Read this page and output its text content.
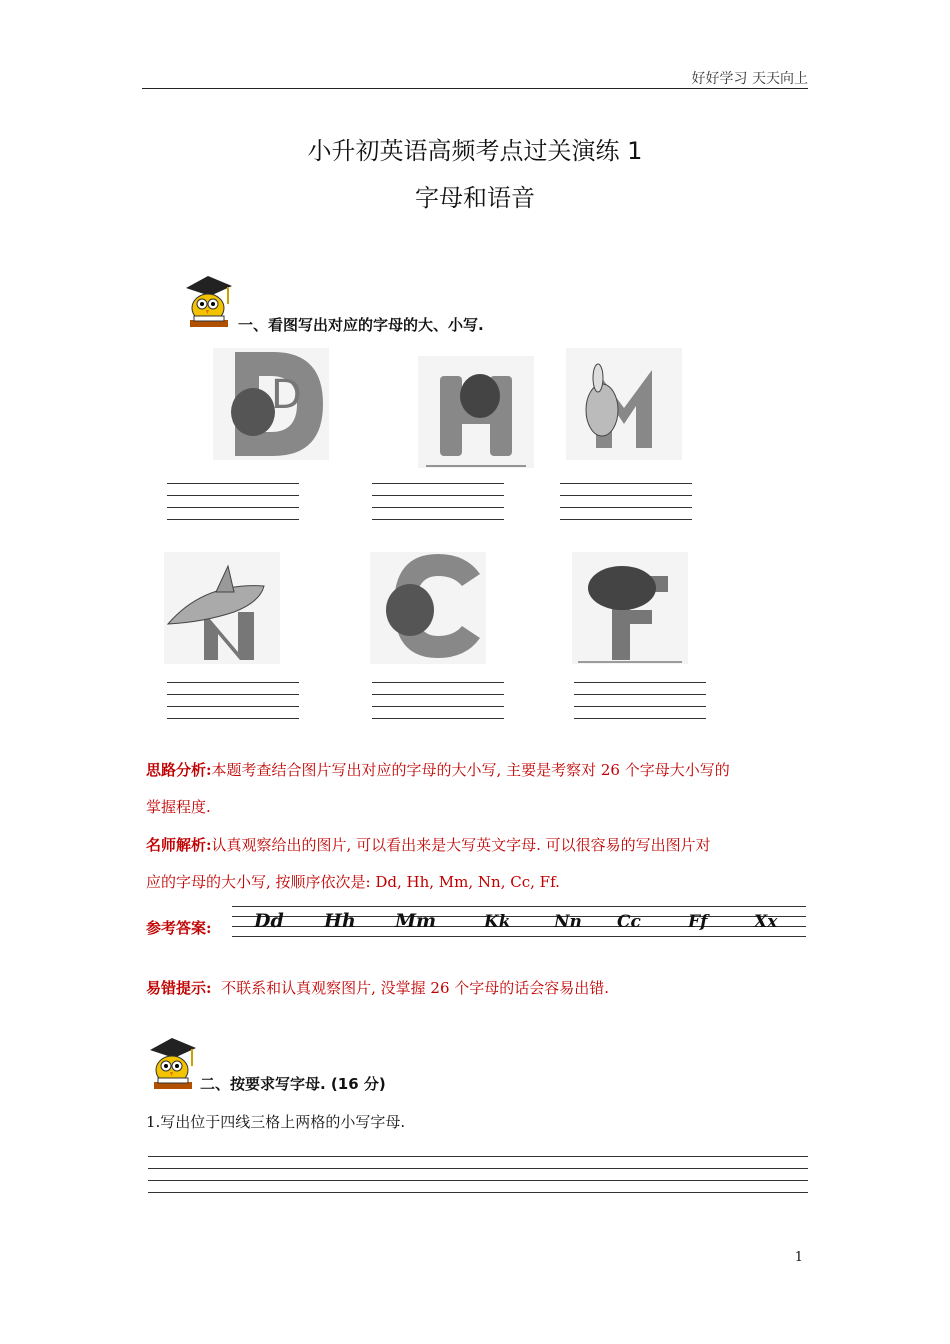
好好学习 天天向上
小升初英语高频考点过关演练 1
字母和语音
一、看图写出对应的字母的大、小写.
D
思路分析:本题考查结合图片写出对应的字母的大小写, 主要是考察对 26 个字母大小写的
掌握程度.
名师解析:认真观察给出的图片, 可以看出来是大写英文字母. 可以很容易的写出图片对
应的字母的大小写, 按顺序依次是: Dd, Hh, Mm, Nn, Cc, Ff.
参考答案: Dd Hh Mm	Kk	Nn Cc	Ff	Xx
易错提示: 不联系和认真观察图片, 没掌握 26 个字母的话会容易出错.
二、按要求写字母. (16 分)
1.写出位于四线三格上两格的小写字母.
1
